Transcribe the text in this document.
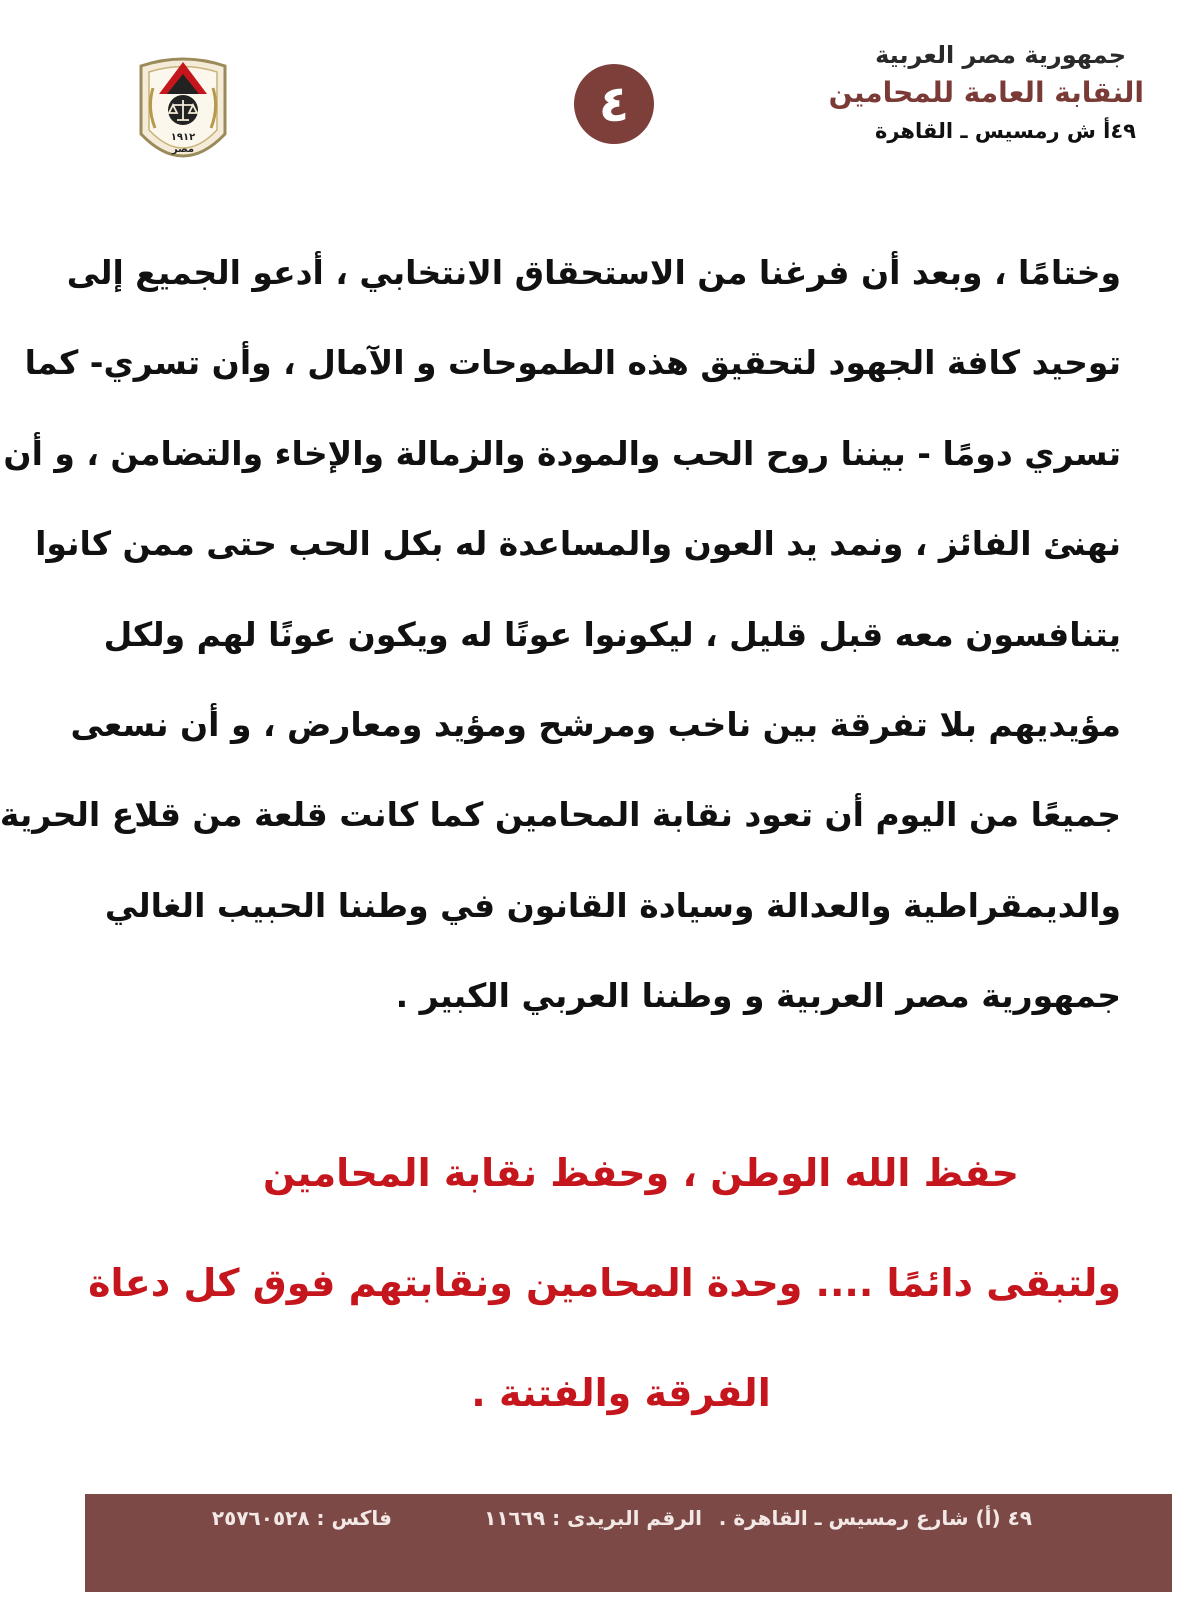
جمهورية مصر العربية
النقابة العامة للمحامين
٤٩أ ش رمسيس ـ القاهرة
٤
١٩١٢
مصر
وختامًا ، وبعد أن فرغنا من الاستحقاق الانتخابي ، أدعو الجميع إلى
توحيد كافة الجهود لتحقيق هذه الطموحات و الآمال ، وأن تسري- كما
تسري دومًا - بيننا روح الحب والمودة والزمالة والإخاء والتضامن ، و أن
نهنئ الفائز ، ونمد يد العون والمساعدة له بكل الحب حتى ممن كانوا
يتنافسون معه قبل قليل ، ليكونوا عونًا له ويكون عونًا لهم ولكل
مؤيديهم بلا تفرقة بين ناخب ومرشح ومؤيد ومعارض ، و أن نسعى
جميعًا من اليوم أن تعود نقابة المحامين كما كانت قلعة من قلاع الحرية
والديمقراطية والعدالة وسيادة القانون في وطننا الحبيب الغالي
جمهورية مصر العربية و وطننا العربي الكبير .
حفظ الله الوطن ، وحفظ نقابة المحامين
ولتبقى دائمًا .... وحدة المحامين ونقابتهم فوق كل دعاة
الفرقة والفتنة .
٤٩ (أ) شارع رمسيس ـ القاهرة .
الرقم البريدى : ١١٦٦٩
فاكس : ٢٥٧٦٠٥٢٨
